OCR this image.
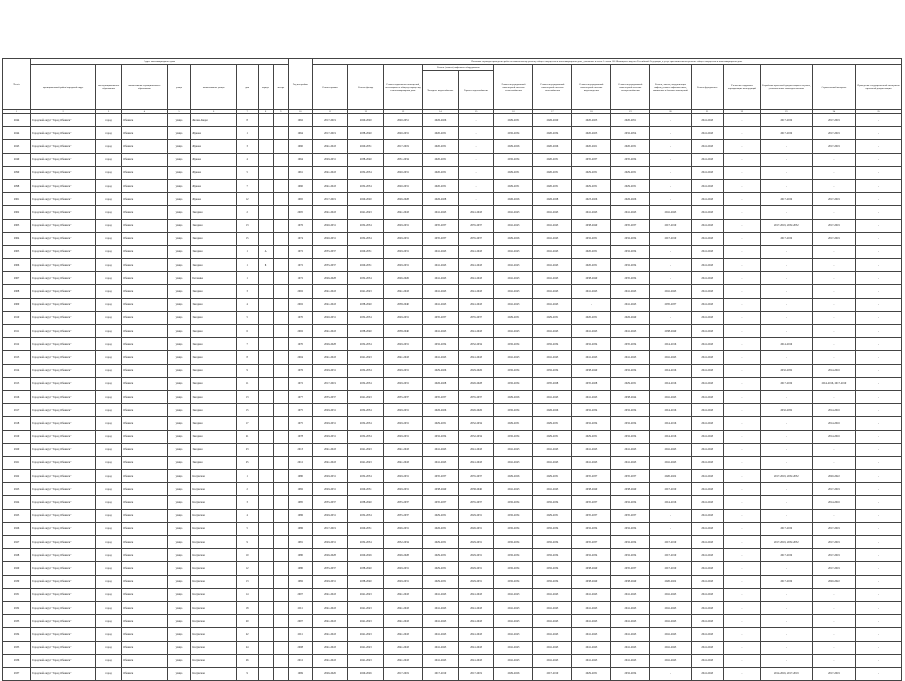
№ п/п	Адрес многоквартирного дома								Год постройки	Плановые периоды проведения работ по капитальному ремонту общего имущества в многоквартирном доме, указанных в части 1 статьи 166 Жилищного кодекса Российской Федерации, и услуг при капитальном ремонте общего имущества в многоквартирном доме														
	муниципальный район/городской округ	тип муниципального образования	наименование муниципального образования	улица	наименование улицы	дом	корпус	литера		Ремонт крыши	Ремонт фасада	Ремонт подвальных помещений, относящихся к общему имуществу в многоквартирном доме	Ремонт (замена) лифтового оборудования		Ремонт внутридомовой инженерной системы теплоснабжения	Ремонт внутридомовой инженерной системы газоснабжения	Ремонт внутридомовой инженерной системы водоотведения	Ремонт внутридомовой инженерной системы электроснабжения	Ремонт, замена, модернизация лифтов, ремонт лифтовых шахт, машинных и блочных помещений	Ремонт фундамента	Утепление наружных ограждающих конструкций	Разработка проектной документации в случаях, установленных законодательством	Строительный контроль	Проведение государственной экспертизы проектной документации
													Холодное водоснабжение	Горячее водоснабжение										
1	2	3	4	5	6	7	8	9	10	11	12	13	14	15	16	17	18	19	20	21	22	23	24	25
2044	Городской округ "Город Обнинск"	город	Обнинск	улица	Жолио-Кюри	8			1962	2017-2019	2020-2020	2020-2051	2026-2026	-	2029-2031	2026-2020	2020-2023	2020-2051	-	2041-2043	-	2017-2019	2017-2019	-
2044	Городской округ "Город Обнинск"	город	Обнинск	улица	Жукова	1			1964	2017-2019	2038-2040	2020-2031	2020-2031	-	2032-2034	2020-2034	2020-2023	2032-2054	-	2041-2043	-	2017-2019	2017-2019	-
2045	Городской округ "Город Обнинск"	город	Обнинск	улица	Жукова	3			1960	2041-2043	2020-2031	2017-2019	2020-2031	-	2029-2026	2020-2026	2020-2021	2020-2031	-	2041-2043	-	-	2017-2019	-
2049	Городской округ "Город Обнинск"	город	Обнинск	улица	Жукова	4			1964	2029-2031	2038-2040	2031-2034	2020-2031	-	2032-2034	2020-2031	2035-2037	2035-2034	-	2041-2043	-	-	-	-
2099	Городской округ "Город Обнинск"	город	Обнинск	улица	Жукова	5			1961	2041-2043	2032-2034	2020-2031	2020-2031	-	2029-2031	2020-2031	2029-2031	2029-2031	-	2041-2043	-	-	-	-
2098	Городской округ "Город Обнинск"	город	Обнинск	улица	Жукова	7			1960	2041-2043	2032-2034	2020-2031	2020-2031	-	2029-2031	2020-2031	2029-2031	2029-2031	-	2041-2043	-	-	-	-
2901	Городской округ "Город Обнинск"	город	Обнинск	улица	Жукова	12			1965	2017-2019	2020-2020	2026-2028	2026-2028	-	2026-2026	2026-2028	2023-2026	2026-2026	-	2041-2043	-	2017-2019	2017-2019	-
2902	Городской округ "Город Обнинск"	город	Обнинск	улица	Звездная	2			2005	2041-2043	2041-2043	2041-2043	2041-2043	2041-2043	2041-2043	2041-2043	2041-2043	2041-2043	2041-2043	2041-2043	-	-	-	-
2903	Городской округ "Город Обнинск"	город	Обнинск	улица	Звездная	13			1976	2020-2031	2032-2034	2029-2031	2035-2037	2035-2037	2041-2043	2041-2043	2038-2040	2035-2037	2017-2019	2041-2043	-	2017-2019, 2032-2032	2017-2019	-
2904	Городской округ "Город Обнинск"	город	Обнинск	улица	Звездная	15			1974	2020-2031	2032-2034	2029-2031	2035-2037	2035-2037	2029-2026	2041-2043	2032-2031	2032-2034	2017-2019	2041-2043	-	2017-2019	2017-2019	-
2905	Городской округ "Город Обнинск"	город	Обнинск	улица	Звездная	1	А		1972	2035-2037	2029-2031	2029-2031	2041-2043	2041-2043	2041-2043	2041-2043	2020-2031	2032-2034	-	2041-2043	-	-	-	-
2906	Городской округ "Город Обнинск"	город	Обнинск	улица	Звездная	1	Б		1972	2035-2037	2029-2031	2029-2031	2041-2043	2041-2043	2041-2043	2041-2043	2020-2031	2032-2034	-	2041-2043	-	-	-	-
2907	Городской округ "Город Обнинск"	город	Обнинск	улица	Ботаника	1			1972	2026-2028	2032-2034	2026-2026	2041-2043	2041-2043	2041-2043	2041-2043	2038-2040	2035-2034	-	2041-2043	-	-	-	-
2908	Городской округ "Город Обнинск"	город	Обнинск	улица	Звездная	3			2002	2041-2043	2041-2043	2041-2043	2041-2043	2041-2043	2041-2043	2041-2043	2041-2043	2041-2043	2041-2043	2041-2043	-	-	-	-
2909	Городской округ "Город Обнинск"	город	Обнинск	улица	Звездная	4			2002	2041-2043	2038-2040	2038-2040	2041-2043	2041-2043	2041-2043	2041-2043	-	2041-2043	2035-2037	2041-2043	-	-	-	-
2910	Городской округ "Город Обнинск"	город	Обнинск	улица	Звездная	5			1970	2020-2031	2032-2034	2029-2031	2035-2037	2035-2037	2029-2031	2029-2031	2020-2031	2026-2040	-	2041-2043	-	-	-	-
2911	Городской округ "Город Обнинск"	город	Обнинск	улица	Звездная	6			2002	2041-2043	2038-2040	2038-2040	2041-2043	2041-2043	2041-2043	2041-2043	2041-2043	2041-2043	2038-2040	2041-2043	-	-	-	-
2912	Городской округ "Город Обнинск"	город	Обнинск	улица	Звездная	7			1970	2026-2028	2032-2034	2029-2031	2032-2034	2032-2034	2032-2034	2032-2034	2032-2034	2035-2034	2014-2016	2041-2043	-	2014-2016	-	-
2913	Городской округ "Город Обнинск"	город	Обнинск	улица	Звездная	8			2004	2041-2043	2041-2043	2041-2043	2041-2043	2041-2043	2041-2043	2041-2043	2041-2043	2041-2043	2041-2043	2041-2043	-	-	-	-
2914	Городской округ "Город Обнинск"	город	Обнинск	улица	Звездная	9			1976	2029-2031	2032-2034	2029-2031	2029-2026	2029-2026	2032-2034	2032-2034	2038-2040	2032-2034	2014-2016	2041-2043	-	2032-2032	2014-2016	-
2915	Городской округ "Город Обнинск"	город	Обнинск	улица	Звездная	11			1972	2017-2019	2032-2034	2029-2031	2026-2028	2026-2028	2032-2034	2035-2028	2035-2028	2029-2031	2014-2016	2041-2043	-	2017-2019	2014-2016, 2017-2019	-
2916	Городской округ "Город Обнинск"	город	Обнинск	улица	Звездная	13			1977	2035-2037	2041-2043	2035-2037	2035-2037	2035-2037	2029-2026	2041-2043	2041-2043	2038-2044	2041-2043	2041-2043	-	-	-	-
2917	Городской округ "Город Обнинск"	город	Обнинск	улица	Звездная	15			1975	2029-2031	2032-2034	2029-2031	2026-2026	2026-2026	2032-2034	2026-2026	2032-2034	2032-2034	2014-2016	2041-2043	-	2032-2032	2014-2016	-
2918	Городской округ "Город Обнинск"	город	Обнинск	улица	Звездная	17			1975	2029-2031	2032-2034	2029-2031	2029-2031	2032-2034	2029-2031	2029-2031	2032-2034	2032-2034	2014-2016	2041-2043	-	-	2014-2016	-
2919	Городской округ "Город Обнинск"	город	Обнинск	улица	Звездная	21			1978	2029-2031	2032-2034	2029-2031	2032-2034	2032-2034	2032-2034	2029-2031	2029-2031	2032-2034	2014-2016	2041-2043	-	-	2014-2016	-
2920	Городской округ "Город Обнинск"	город	Обнинск	улица	Звездная	23			2013	2041-2043	2041-2043	2041-2043	2041-2043	2041-2043	2041-2043	2041-2043	2041-2043	2041-2043	2041-2043	2041-2043	-	-	-	-
2921	Городской округ "Город Обнинск"	город	Обнинск	улица	Звездная	25			2012	2041-2043	2041-2043	2041-2043	2041-2043	2041-2043	2041-2043	2041-2043	2041-2043	2041-2043	2041-2043	2041-2043	-	-	-	-
2922	Городской округ "Город Обнинск"	город	Обнинск	улица	Калужская	1			1980	2029-2031	2032-2034	2029-2031	2035-2037	2035-2037	2029-2026	2029-2031	2035-2037	2035-2037	2020-2022	2041-2043	-	2017-2019, 2032-2032	2020-2022	-
2923	Городской округ "Город Обнинск"	город	Обнинск	улица	Калужская	2			1982	2029-2031	2029-2031	2029-2031	2038-2040	2038-2040	2041-2043	2041-2043	2038-2040	2038-2040	2017-2019	2041-2043	-	-	2017-2019	-
2924	Городской округ "Город Обнинск"	город	Обнинск	улица	Калужская	3			1985	2035-2037	2038-2040	2035-2037	2035-2037	2035-2037	2032-2034	2032-2034	2035-2037	2032-2034	2014-2016	2041-2043	-	-	2014-2016	-
2925	Городской округ "Город Обнинск"	город	Обнинск	улица	Калужская	4			1986	2029-2031	2032-2034	2035-2037	2029-2031	2029-2031	2032-2034	2029-2031	2035-2037	2035-2037	-	2041-2043	-	-	-	-
2926	Городской округ "Город Обнинск"	город	Обнинск	улица	Калужская	5			1986	2017-2019	2029-2031	2026-2031	2026-2031	2026-2031	2032-2034	2032-2034	2032-2034	2032-2034	-	2041-2043	-	2017-2019	2017-2019	-
2927	Городской округ "Город Обнинск"	город	Обнинск	улица	Калужская	9			1981	2029-2031	2032-2034	2032-2034	2029-2031	2029-2031	2032-2034	2032-2034	2035-2037	2032-2034	2017-2019	2041-2043	-	2017-2019, 2032-2032	2017-2019	-
2928	Городской округ "Город Обнинск"	город	Обнинск	улица	Калужская	10			1980	2026-2028	2029-2026	2026-2028	2029-2031	2029-2031	2032-2034	2032-2034	2032-2034	2032-2034	2017-2019	2041-2043	-	2017-2019	2017-2019	-
2929	Городской округ "Город Обнинск"	город	Обнинск	улица	Калужская	12			1980	2035-2037	2038-2040	2029-2031	2029-2031	2029-2031	2032-2034	2032-2034	2038-2040	2035-2037	2017-2019	2041-2043	-	-	2017-2019	-
2930	Городской округ "Город Обнинск"	город	Обнинск	улица	Калужская	13			1982	2029-2031	2038-2040	2029-2031	2029-2031	2029-2031	2032-2034	2032-2034	2038-2040	2038-2040	2020-2022	2041-2043	-	2017-2019	2020-2022	-
2931	Городской округ "Город Обнинск"	город	Обнинск	улица	Калужская	14			2007	2041-2043	2041-2043	2041-2043	2041-2043	2041-2043	2041-2043	2041-2043	2041-2043	2041-2043	2041-2043	2041-2043	-	-	-	-
2932	Городской округ "Город Обнинск"	город	Обнинск	улица	Калужская	18			2011	2041-2043	2041-2043	2041-2043	2041-2043	2041-2043	2041-2043	2041-2043	2041-2043	2041-2043	2041-2043	2041-2043	-	-	-	-
2933	Городской округ "Город Обнинск"	город	Обнинск	улица	Калужская	20			2007	2041-2043	2041-2043	2041-2043	2041-2043	2041-2043	2041-2043	2041-2043	2041-2043	2041-2043	2041-2043	2041-2043	-	-	-	-
2934	Городской округ "Город Обнинск"	город	Обнинск	улица	Калужская	22			2011	2041-2043	2041-2043	2041-2043	2041-2043	2041-2043	2041-2043	2041-2043	2041-2043	2041-2043	2041-2043	2041-2043	-	-	-	-
2935	Городской округ "Город Обнинск"	город	Обнинск	улица	Калужская	24			2008	2041-2043	2041-2043	2041-2043	2041-2043	2041-2043	2041-2043	2041-2043	2041-2043	2041-2043	2041-2043	2041-2043	-	-	-	-
2936	Городской округ "Город Обнинск"	город	Обнинск	улица	Калужская	26			2012	2041-2043	2041-2043	2041-2043	2041-2043	2041-2043	2041-2043	2041-2043	2041-2043	2041-2043	2041-2043	2041-2043	-	-	-	-
2937	Городской округ "Город Обнинск"	город	Обнинск	улица	Калужская	9			1969	2026-2026	2029-2026	2017-2019	2017-2019	2017-2019	2029-2026	2017-2019	2029-2031	2032-2034	-	2041-2043	-	2014-2016, 2017-2019	2017-2019	-
